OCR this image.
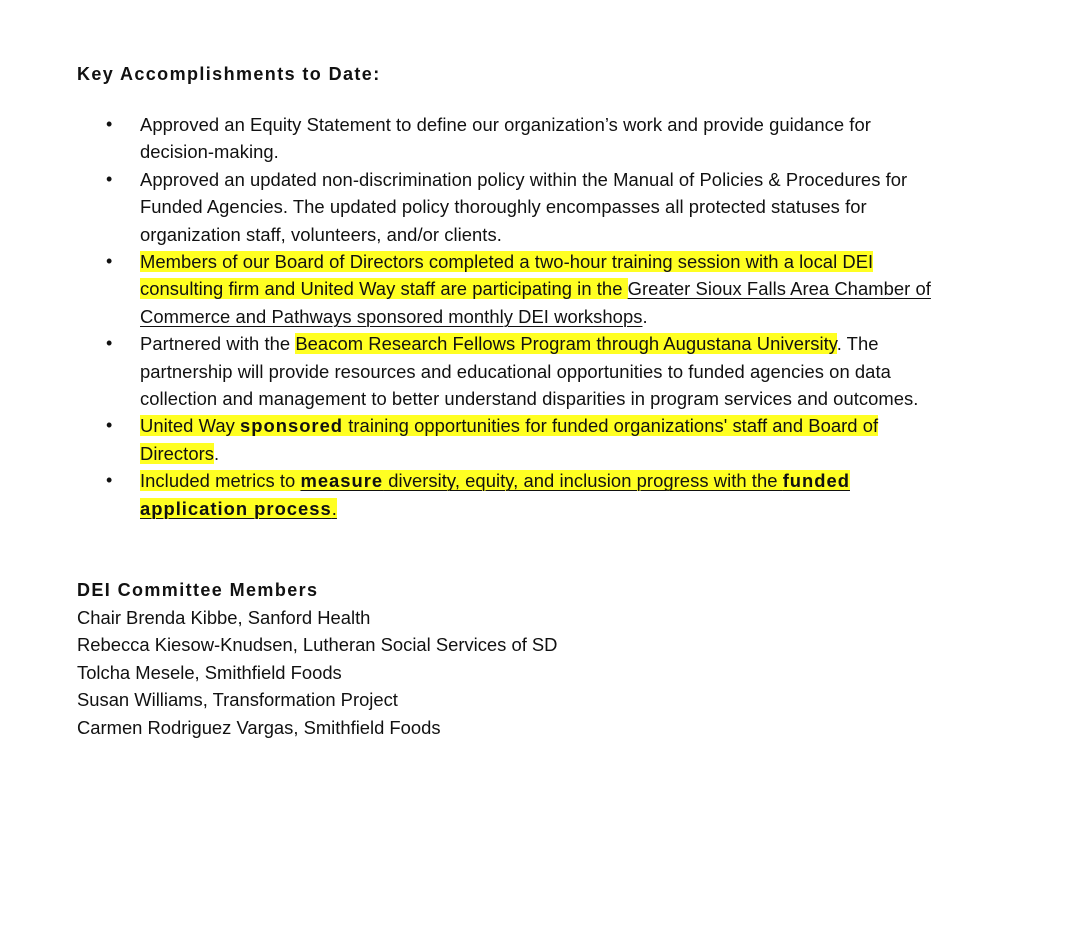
Key Accomplishments to Date:
• Approved an Equity Statement to define our organization’s work and provide guidance for
decision-making.
• Approved an updated non-discrimination policy within the Manual of Policies & Procedures for
Funded Agencies. The updated policy thoroughly encompasses all protected statuses for
organization staff, volunteers, and/or clients.
• Members of our Board of Directors completed a two-hour training session with a local DEI
consulting firm and United Way staff are participating in the Greater Sioux Falls Area Chamber of
Commerce and Pathways sponsored monthly DEI workshops.
• Partnered with the Beacom Research Fellows Program through Augustana University. The
partnership will provide resources and educational opportunities to funded agencies on data
collection and management to better understand disparities in program services and outcomes.
• United Way sponsored training opportunities for funded organizations' staff and Board of
Directors.
• Included metrics to measure diversity, equity, and inclusion progress with the funded
application process.
DEI Committee Members
Chair Brenda Kibbe, Sanford Health
Rebecca Kiesow-Knudsen, Lutheran Social Services of SD
Tolcha Mesele, Smithfield Foods
Susan Williams, Transformation Project
Carmen Rodriguez Vargas, Smithfield Foods
